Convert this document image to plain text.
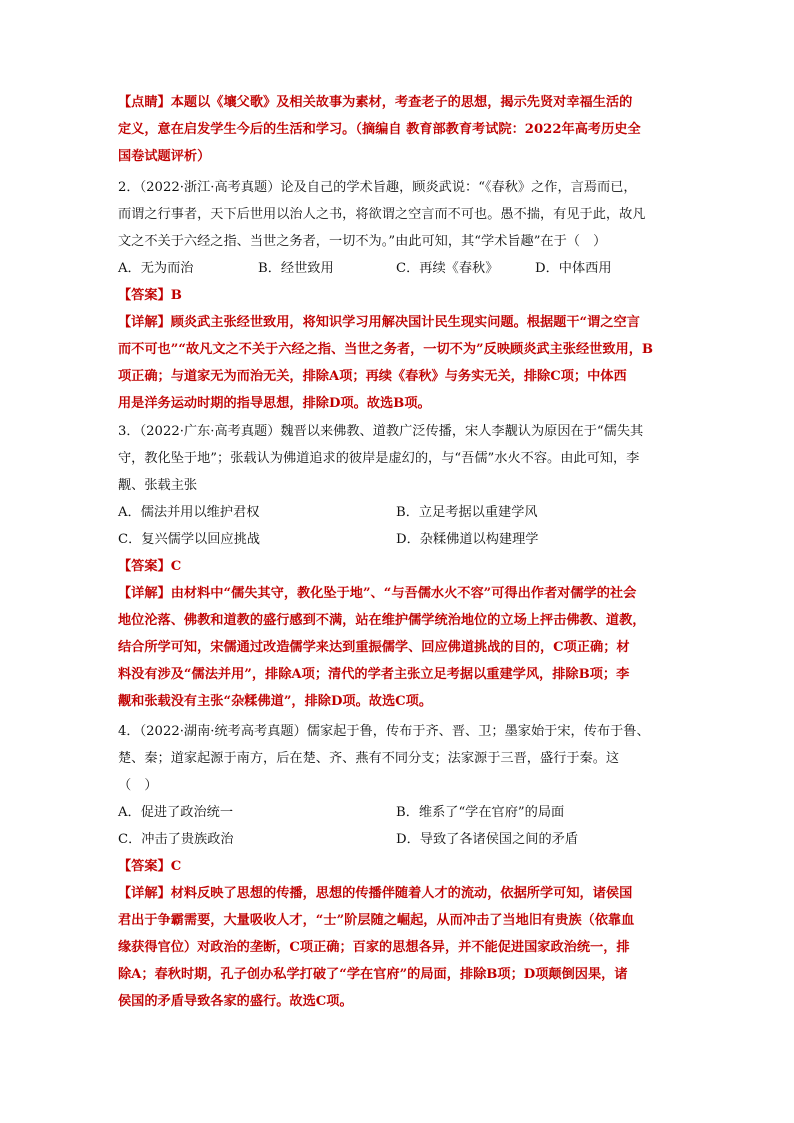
【点睛】本题以《壤父歌》及相关故事为素材，考查老子的思想，揭示先贤对幸福生活的
定义，意在启发学生今后的生活和学习。（摘编自 教育部教育考试院：2022年高考历史全
国卷试题评析）
2．（2022·浙江·高考真题）论及自己的学术旨趣，顾炎武说：“《春秋》之作，言焉而已，
而谓之行事者，天下后世用以治人之书，将欲谓之空言而不可也。愚不揣，有见于此，故凡
文之不关于六经之指、当世之务者，一切不为。”由此可知，其“学术旨趣”在于（　）
A．无为而治	B．经世致用	C．再续《春秋》	D．中体西用
【答案】B
【详解】顾炎武主张经世致用，将知识学习用解决国计民生现实问题。根据题干“谓之空言
而不可也”“故凡文之不关于六经之指、当世之务者，一切不为”反映顾炎武主张经世致用，B
项正确；与道家无为而治无关，排除A项；再续《春秋》与务实无关，排除C项；中体西
用是洋务运动时期的指导思想，排除D项。故选B项。
3．（2022·广东·高考真题）魏晋以来佛教、道教广泛传播，宋人李觏认为原因在于“儒失其
守，教化坠于地”；张载认为佛道追求的彼岸是虚幻的，与“吾儒”水火不容。由此可知，李
觏、张载主张
A．儒法并用以维护君权	B．立足考据以重建学风
C．复兴儒学以回应挑战	D．杂糅佛道以构建理学
【答案】C
【详解】由材料中“儒失其守，教化坠于地”、“与吾儒水火不容”可得出作者对儒学的社会
地位沦落、佛教和道教的盛行感到不满，站在维护儒学统治地位的立场上抨击佛教、道教，
结合所学可知，宋儒通过改造儒学来达到重振儒学、回应佛道挑战的目的，C项正确；材
料没有涉及“儒法并用”，排除A项；清代的学者主张立足考据以重建学风，排除B项；李
觏和张载没有主张“杂糅佛道”，排除D项。故选C项。
4．（2022·湖南·统考高考真题）儒家起于鲁，传布于齐、晋、卫；墨家始于宋，传布于鲁、
楚、秦；道家起源于南方，后在楚、齐、燕有不同分支；法家源于三晋，盛行于秦。这
（　）
A．促进了政治统一	B．维系了“学在官府”的局面
C．冲击了贵族政治	D．导致了各诸侯国之间的矛盾
【答案】C
【详解】材料反映了思想的传播，思想的传播伴随着人才的流动，依据所学可知，诸侯国
君出于争霸需要，大量吸收人才，“士”阶层随之崛起，从而冲击了当地旧有贵族（依靠血
缘获得官位）对政治的垄断，C项正确；百家的思想各异，并不能促进国家政治统一，排
除A；春秋时期，孔子创办私学打破了“学在官府”的局面，排除B项；D项颠倒因果，诸
侯国的矛盾导致各家的盛行。故选C项。
